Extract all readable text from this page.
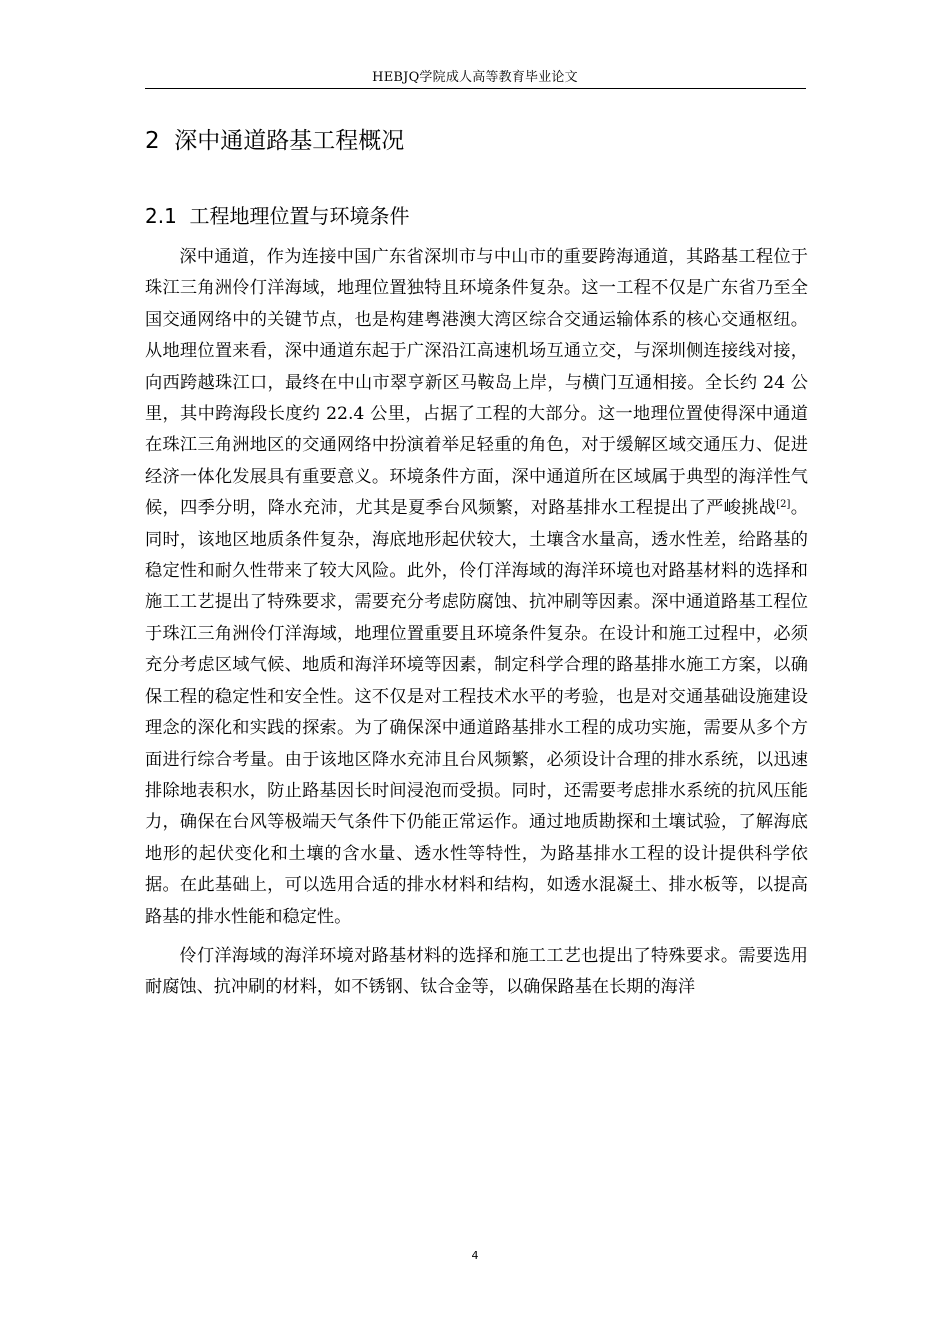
HEBJQ学院成人高等教育毕业论文
2 深中通道路基工程概况
2.1 工程地理位置与环境条件

深中通道，作为连接中国广东省深圳市与中山市的重要跨海通道，其路基工程位于珠江三角洲伶仃洋海域，地理位置独特且环境条件复杂。这一工程不仅是广东省乃至全国交通网络中的关键节点，也是构建粤港澳大湾区综合交通运输体系的核心交通枢纽。从地理位置来看，深中通道东起于广深沿江高速机场互通立交，与深圳侧连接线对接，向西跨越珠江口，最终在中山市翠亨新区马鞍岛上岸，与横门互通相接。全长约 24 公里，其中跨海段长度约 22.4 公里，占据了工程的大部分。这一地理位置使得深中通道在珠江三角洲地区的交通网络中扮演着举足轻重的角色，对于缓解区域交通压力、促进经济一体化发展具有重要意义。环境条件方面，深中通道所在区域属于典型的海洋性气候，四季分明，降水充沛，尤其是夏季台风频繁，对路基排水工程提出了严峻挑战[2]。同时，该地区地质条件复杂，海底地形起伏较大，土壤含水量高，透水性差，给路基的稳定性和耐久性带来了较大风险。此外，伶仃洋海域的海洋环境也对路基材料的选择和施工工艺提出了特殊要求，需要充分考虑防腐蚀、抗冲刷等因素。深中通道路基工程位于珠江三角洲伶仃洋海域，地理位置重要且环境条件复杂。在设计和施工过程中，必须充分考虑区域气候、地质和海洋环境等因素，制定科学合理的路基排水施工方案，以确保工程的稳定性和安全性。这不仅是对工程技术水平的考验，也是对交通基础设施建设理念的深化和实践的探索。为了确保深中通道路基排水工程的成功实施，需要从多个方面进行综合考量。由于该地区降水充沛且台风频繁，必须设计合理的排水系统，以迅速排除地表积水，防止路基因长时间浸泡而受损。同时，还需要考虑排水系统的抗风压能力，确保在台风等极端天气条件下仍能正常运作。通过地质勘探和土壤试验，了解海底地形的起伏变化和土壤的含水量、透水性等特性，为路基排水工程的设计提供科学依据。在此基础上，可以选用合适的排水材料和结构，如透水混凝土、排水板等，以提高路基的排水性能和稳定性。

伶仃洋海域的海洋环境对路基材料的选择和施工工艺也提出了特殊要求。需要选用耐腐蚀、抗冲刷的材料，如不锈钢、钛合金等，以确保路基在长期的海洋

4
